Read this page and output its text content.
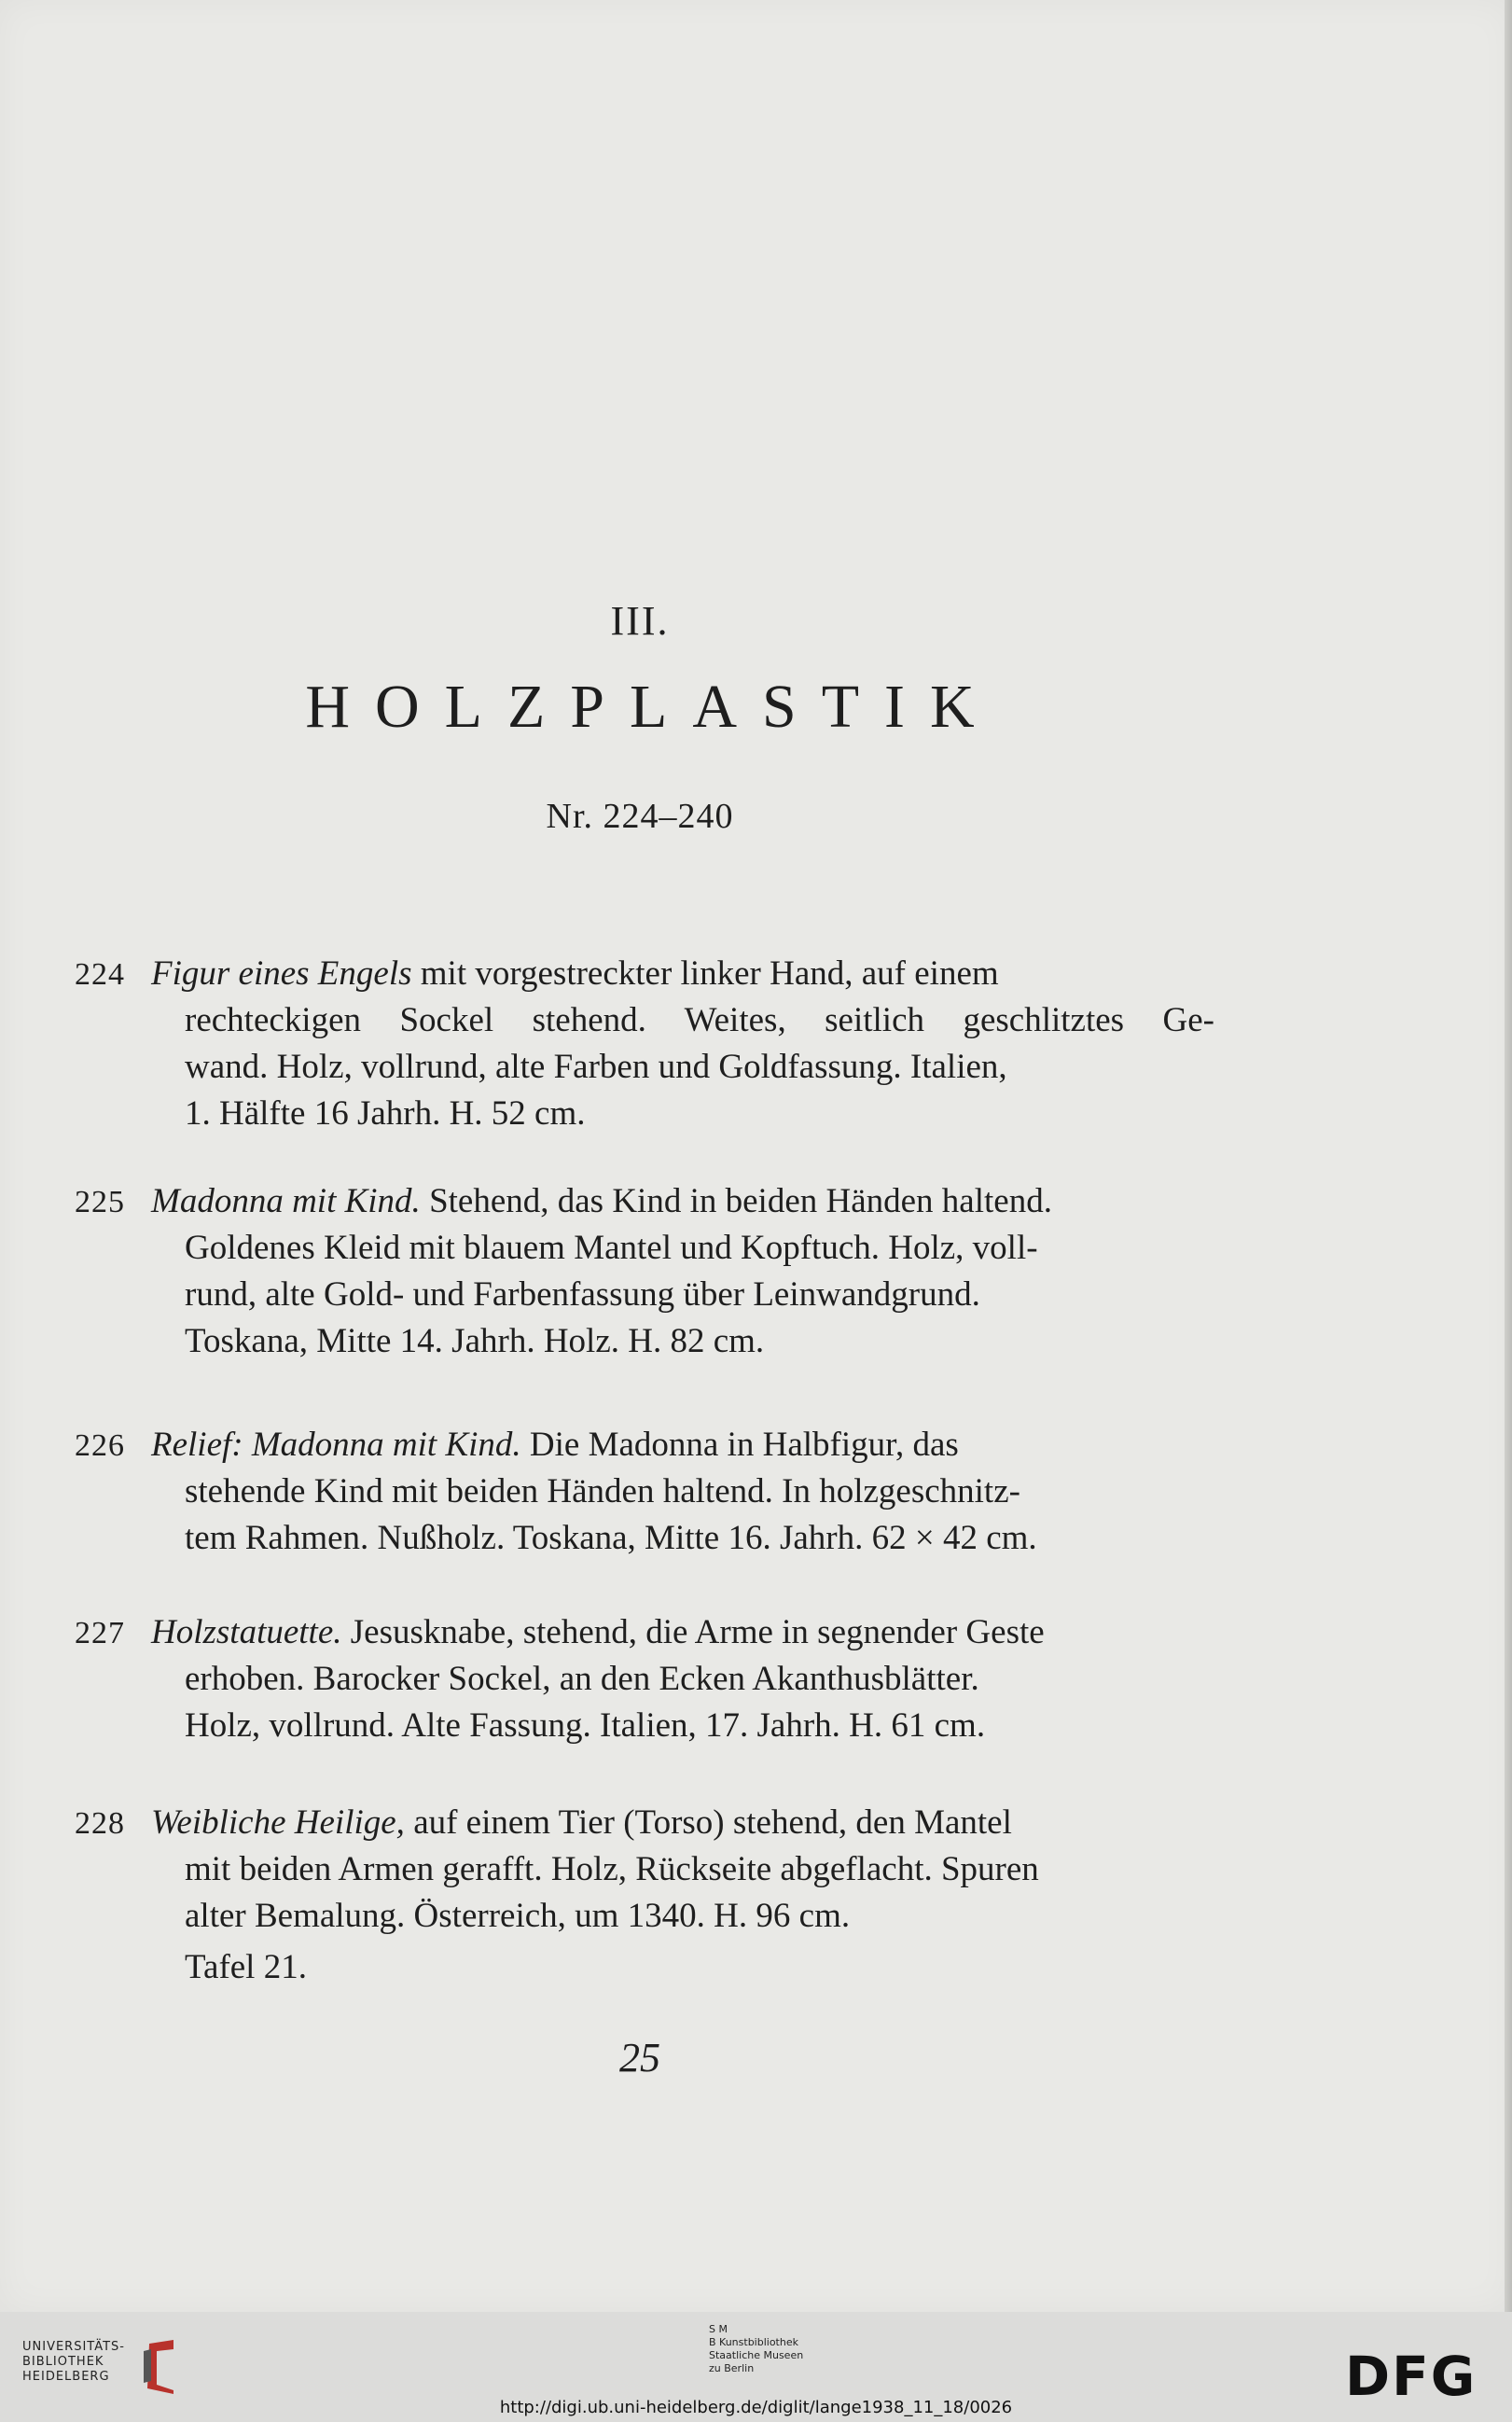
III.
HOLZPLASTIK
Nr. 224–240
224 Figur eines Engels mit vorgestreckter linker Hand, auf einem
rechteckigen Sockel stehend. Weites, seitlich geschlitztes Ge-
wand. Holz, vollrund, alte Farben und Goldfassung. Italien,
1. Hälfte 16 Jahrh. H. 52 cm.
225 Madonna mit Kind. Stehend, das Kind in beiden Händen haltend.
Goldenes Kleid mit blauem Mantel und Kopftuch. Holz, voll-
rund, alte Gold- und Farbenfassung über Leinwandgrund.
Toskana, Mitte 14. Jahrh. Holz. H. 82 cm.
226 Relief: Madonna mit Kind. Die Madonna in Halbfigur, das
stehende Kind mit beiden Händen haltend. In holzgeschnitz-
tem Rahmen. Nußholz. Toskana, Mitte 16. Jahrh. 62 × 42 cm.
227 Holzstatuette. Jesusknabe, stehend, die Arme in segnender Geste
erhoben. Barocker Sockel, an den Ecken Akanthusblätter.
Holz, vollrund. Alte Fassung. Italien, 17. Jahrh. H. 61 cm.
228 Weibliche Heilige, auf einem Tier (Torso) stehend, den Mantel
mit beiden Armen gerafft. Holz, Rückseite abgeflacht. Spuren
alter Bemalung. Österreich, um 1340. H. 96 cm.
Tafel 21.
25
UNIVERSITÄTS-
BIBLIOTHEK
HEIDELBERG
S M
B Kunstbibliothek
Staatliche Museen
zu Berlin	DFG
http://digi.ub.uni-heidelberg.de/diglit/lange1938_11_18/0026
